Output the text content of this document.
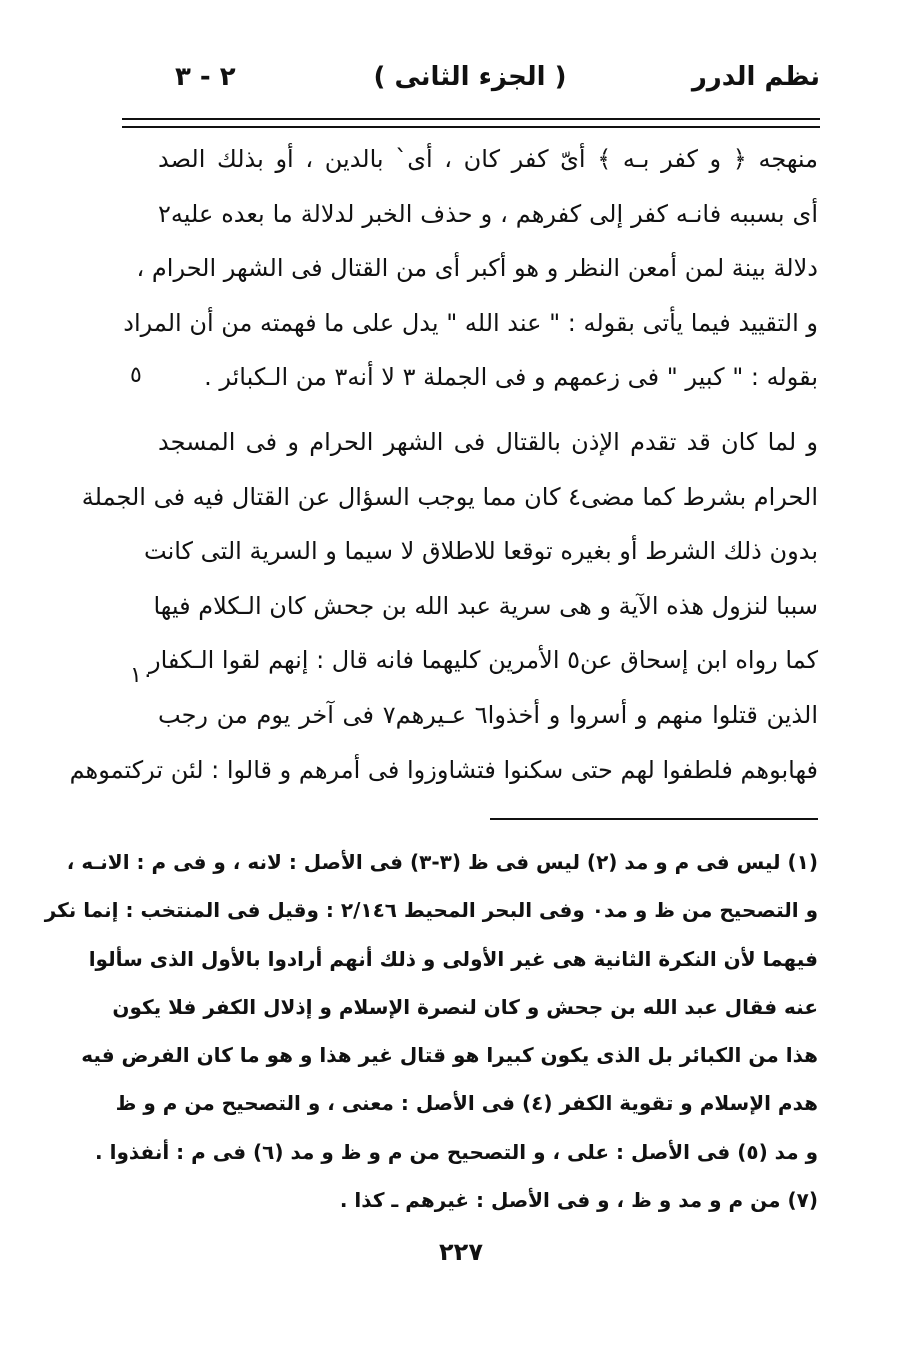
نظم الدرر
( الجزء الثانى )
٢ - ٣
منهجه ﴿ و كفر بـه ﴾ أىّ كفر كان ، أى` بالدين ، أو بذلك الصد
أى بسببه فانـه كفر إلى كفرهم ، و حذف الخبر لدلالة ما بعده عليه٢
دلالة بينة لمن أمعن النظر و هو أكبر أى من القتال فى الشهر الحرام ،
و التقييد فيما يأتى بقوله : " عند الله " يدل على ما فهمته من أن المراد
بقوله : " كبير " فى زعمهم و فى الجملة ٣ لا أنه٣ من الـكبائر .
و لما كان قد تقدم الإذن بالقتال فى الشهر الحرام و فى المسجد
الحرام بشرط كما مضى٤ كان مما يوجب السؤال عن القتال فيه فى الجملة
بدون ذلك الشرط أو بغيره توقعا للاطلاق لا سيما و السرية التى كانت
سببا لنزول هذه الآية و هى سرية عبد الله بن جحش كان الـكلام فيها
كما رواه ابن إسحاق عن٥ الأمرين كليهما فانه قال : إنهم لقوا الـكفار
الذين قتلوا منهم و أسروا و أخذوا٦ عـيرهم٧ فى آخر يوم من رجب
فهابوهم فلطفوا لهم حتى سكنوا فتشاوزوا فى أمرهم و قالوا : لئن تركتموهم
٥
١٠
(١) ليس فى م و مد (٢) ليس فى ظ (٣-٣) فى الأصل : لانه ، و فى م : الانـه ،
و التصحيح من ظ و مد٠ وفى البحر المحيط ٢/١٤٦ : وقيل فى المنتخب : إنما نكر
فيهما لأن النكرة الثانية هى غير الأولى و ذلك أنهم أرادوا بالأول الذى سألوا
عنه فقال عبد الله بن جحش و كان لنصرة الإسلام و إذلال الكفر فلا يكون
هذا من الكبائر بل الذى يكون كبيرا هو قتال غير هذا و هو ما كان الفرض فيه
هدم الإسلام و تقوية الكفر (٤) فى الأصل : معنى ، و التصحيح من م و ظ
و مد (٥) فى الأصل : على ، و التصحيح من م و ظ و مد (٦) فى م : أنفذوا .
(٧) من م و مد و ظ ، و فى الأصل : غيرهم ـ كذا .
٢٢٧
